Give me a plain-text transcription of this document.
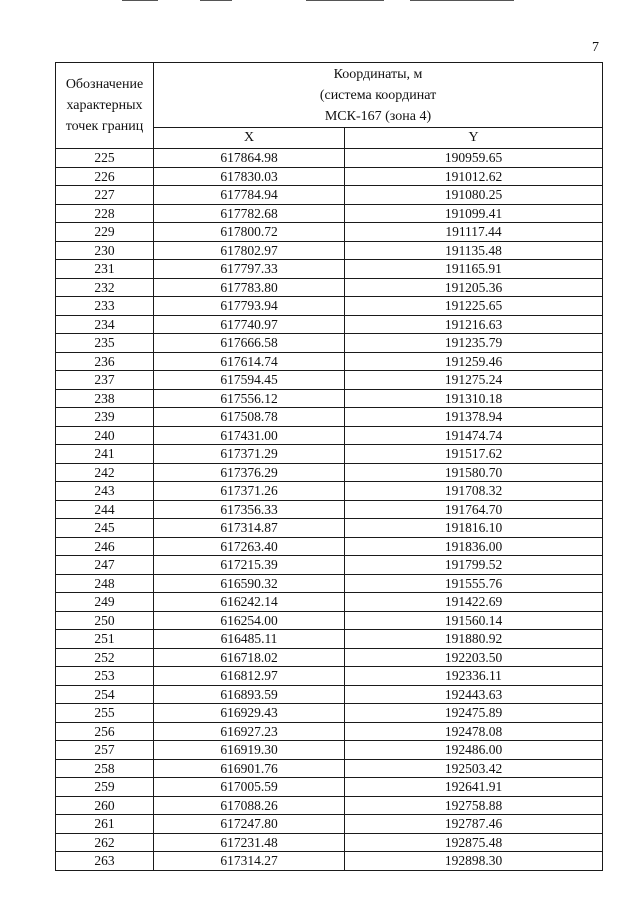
7
Обозначение характерных точек границ	Координаты, м
(система координат
МСК-167 (зона 4)	

	X	Y
225	617864.98	190959.65
226	617830.03	191012.62
227	617784.94	191080.25
228	617782.68	191099.41
229	617800.72	191117.44
230	617802.97	191135.48
231	617797.33	191165.91
232	617783.80	191205.36
233	617793.94	191225.65
234	617740.97	191216.63
235	617666.58	191235.79
236	617614.74	191259.46
237	617594.45	191275.24
238	617556.12	191310.18
239	617508.78	191378.94
240	617431.00	191474.74
241	617371.29	191517.62
242	617376.29	191580.70
243	617371.26	191708.32
244	617356.33	191764.70
245	617314.87	191816.10
246	617263.40	191836.00
247	617215.39	191799.52
248	616590.32	191555.76
249	616242.14	191422.69
250	616254.00	191560.14
251	616485.11	191880.92
252	616718.02	192203.50
253	616812.97	192336.11
254	616893.59	192443.63
255	616929.43	192475.89
256	616927.23	192478.08
257	616919.30	192486.00
258	616901.76	192503.42
259	617005.59	192641.91
260	617088.26	192758.88
261	617247.80	192787.46
262	617231.48	192875.48
263	617314.27	192898.30
